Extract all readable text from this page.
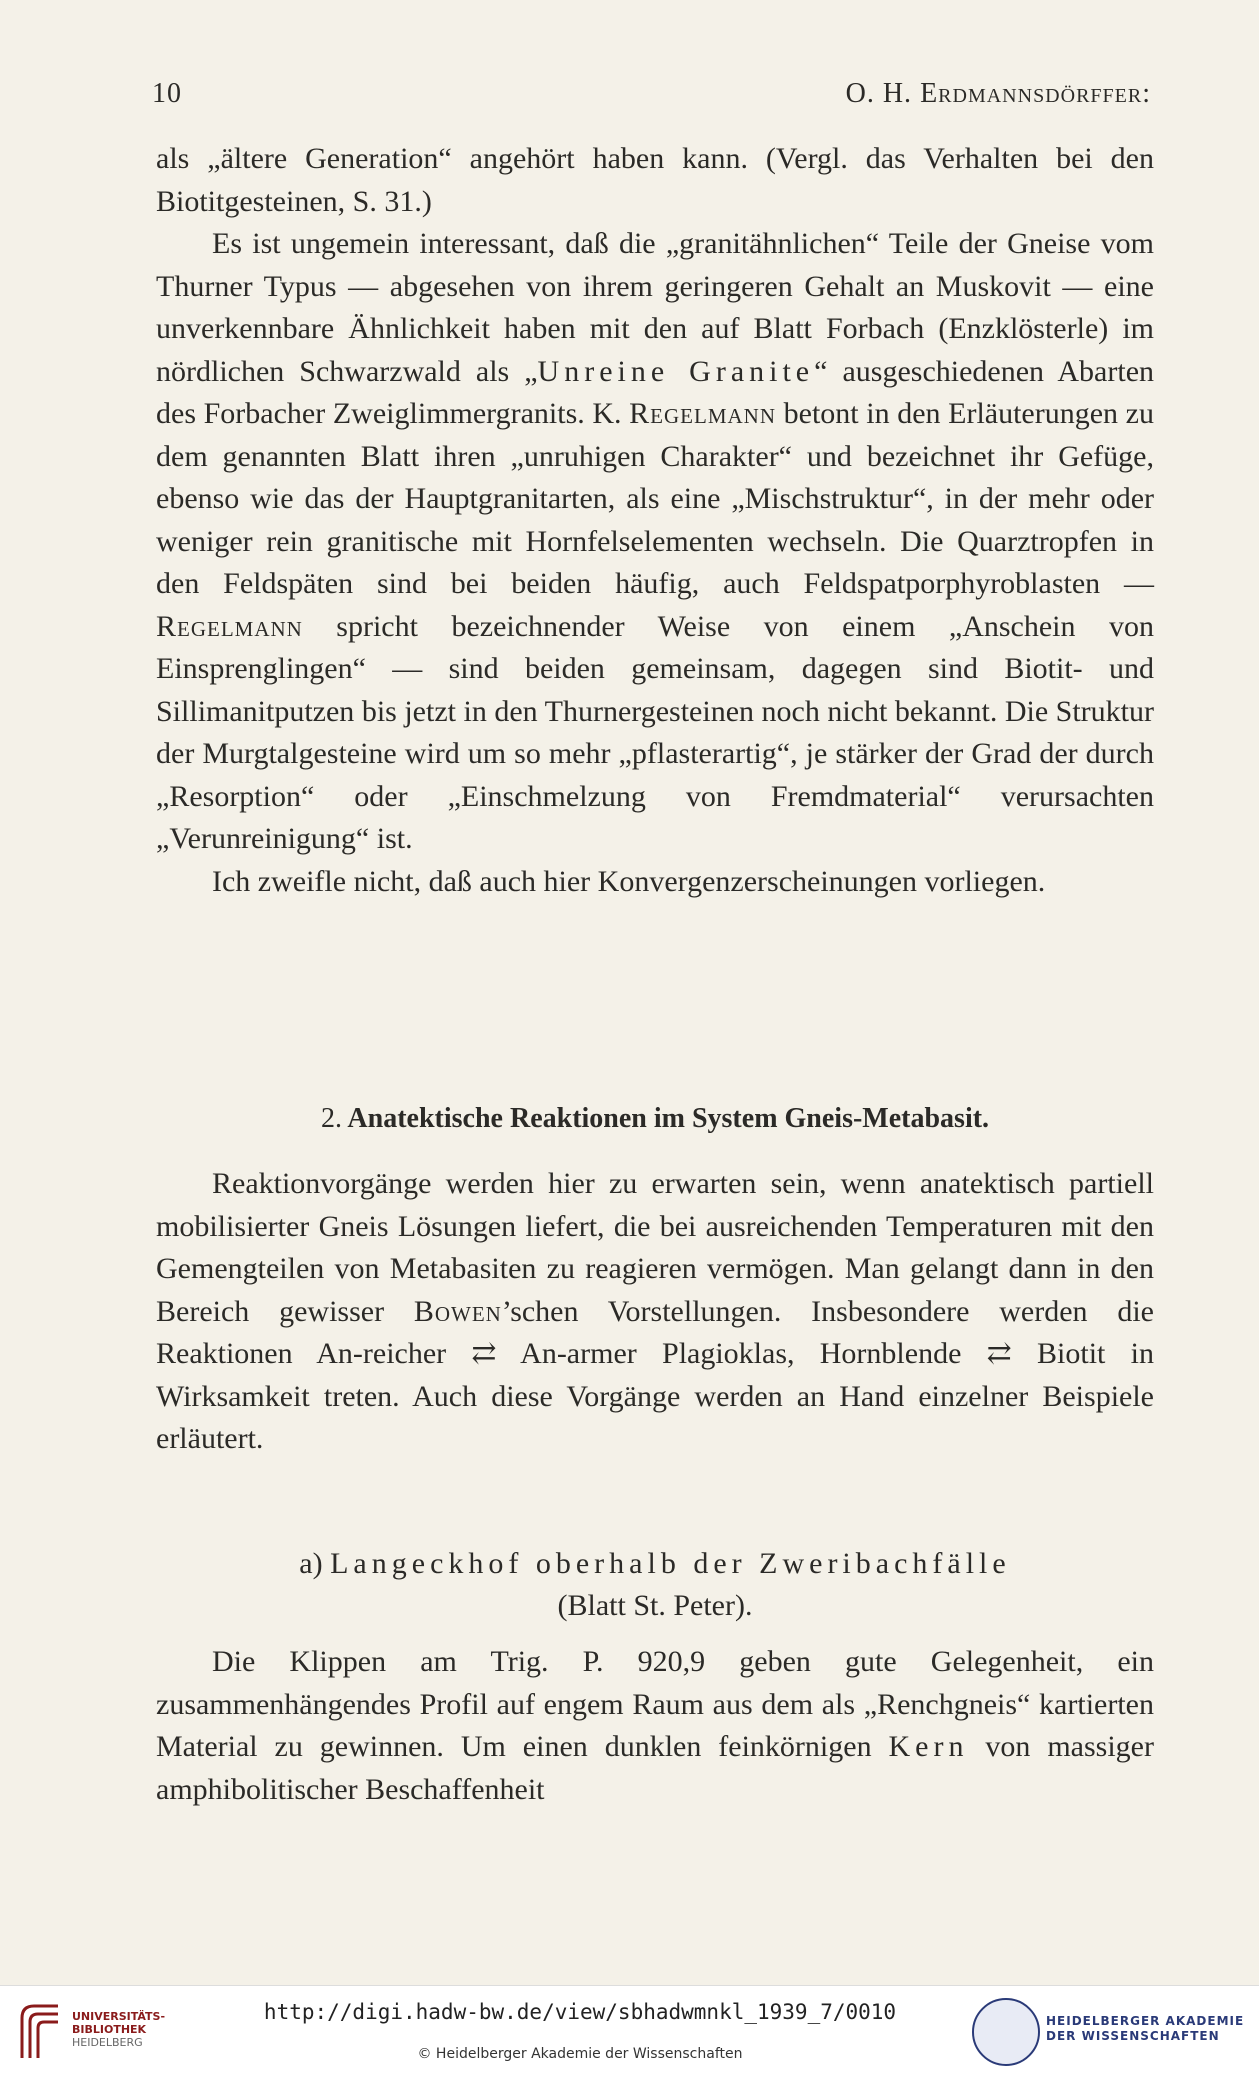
10	O. H. Erdmannsdörffer:

als „ältere Generation“ angehört haben kann. (Vergl. das Verhalten bei den Biotitgesteinen, S. 31.)

Es ist ungemein interessant, daß die „granitähnlichen“ Teile der Gneise vom Thurner Typus — abgesehen von ihrem geringeren Gehalt an Muskovit — eine unverkennbare Ähnlichkeit haben mit den auf Blatt Forbach (Enzklösterle) im nördlichen Schwarzwald als „Unreine Granite“ ausgeschiedenen Abarten des Forbacher Zweiglimmergranits. K. Regelmann betont in den Erläuterungen zu dem genannten Blatt ihren „unruhigen Charakter“ und bezeichnet ihr Gefüge, ebenso wie das der Hauptgranitarten, als eine „Mischstruktur“, in der mehr oder weniger rein granitische mit Hornfelselementen wechseln. Die Quarztropfen in den Feldspäten sind bei beiden häufig, auch Feldspatporphyroblasten — Regelmann spricht bezeichnender Weise von einem „Anschein von Einsprenglingen“ — sind beiden gemeinsam, dagegen sind Biotit- und Sillimanitputzen bis jetzt in den Thurnergesteinen noch nicht bekannt. Die Struktur der Murgtalgesteine wird um so mehr „pflasterartig“, je stärker der Grad der durch „Resorption“ oder „Einschmelzung von Fremdmaterial“ verursachten „Verunreinigung“ ist.

Ich zweifle nicht, daß auch hier Konvergenzerscheinungen vorliegen.

2. Anatektische Reaktionen im System Gneis-Metabasit.

Reaktionvorgänge werden hier zu erwarten sein, wenn anatektisch partiell mobilisierter Gneis Lösungen liefert, die bei ausreichenden Temperaturen mit den Gemengteilen von Metabasiten zu reagieren vermögen. Man gelangt dann in den Bereich gewisser Bowen’schen Vorstellungen. Insbesondere werden die Reaktionen An-reicher ⇄ An-armer Plagioklas, Hornblende ⇄ Biotit in Wirksamkeit treten. Auch diese Vorgänge werden an Hand einzelner Beispiele erläutert.

a) Langeckhof oberhalb der Zweribachfälle
(Blatt St. Peter).

Die Klippen am Trig. P. 920,9 geben gute Gelegenheit, ein zusammenhängendes Profil auf engem Raum aus dem als „Renchgneis“ kartierten Material zu gewinnen. Um einen dunklen feinkörnigen Kern von massiger amphibolitischer Beschaffenheit

UNIVERSITÄTS-
BIBLIOTHEK
HEIDELBERG
http://digi.hadw-bw.de/view/sbhadwmnkl_1939_7/0010
© Heidelberger Akademie der Wissenschaften
HEIDELBERGER AKADEMIE
DER WISSENSCHAFTEN
